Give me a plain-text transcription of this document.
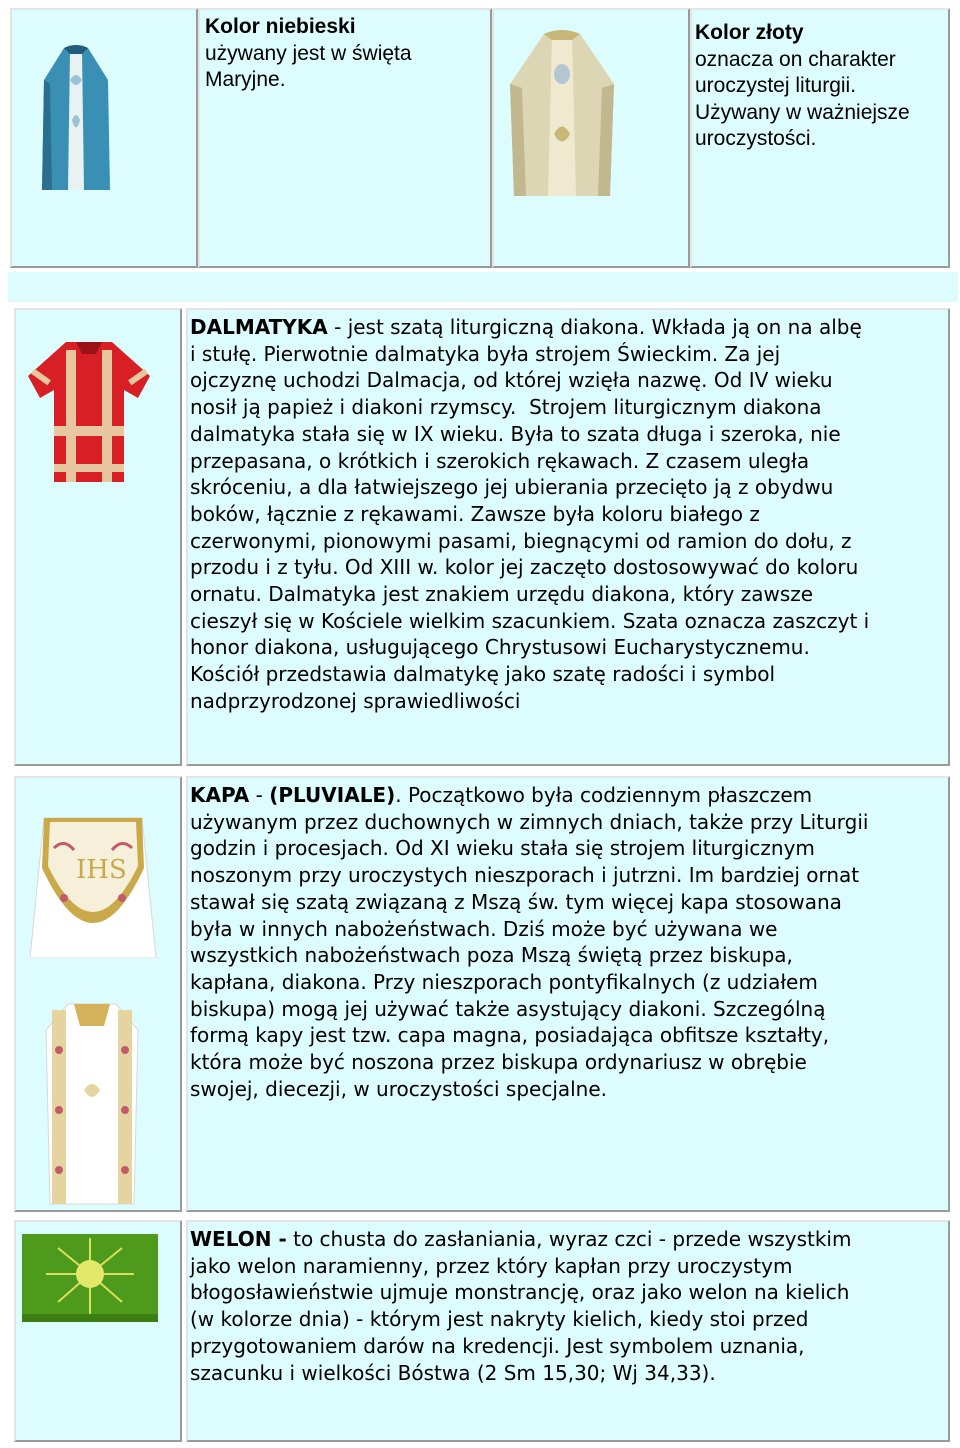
Kolor niebieski
używany jest w święta
Maryjne.
Kolor złoty
oznacza on charakter
uroczystej liturgii.
Używany w ważniejsze
uroczystości.
DALMATYKA - jest szatą liturgiczną diakona. Wkłada ją on na albę
i stułę. Pierwotnie dalmatyka była strojem Świeckim. Za jej
ojczyznę uchodzi Dalmacja, od której wzięła nazwę. Od IV wieku
nosił ją papież i diakoni rzymscy.  Strojem liturgicznym diakona
dalmatyka stała się w IX wieku. Była to szata długa i szeroka, nie
przepasana, o krótkich i szerokich rękawach. Z czasem uległa
skróceniu, a dla łatwiejszego jej ubierania przecięto ją z obydwu
boków, łącznie z rękawami. Zawsze była koloru białego z
czerwonymi, pionowymi pasami, biegnącymi od ramion do dołu, z
przodu i z tyłu. Od XIII w. kolor jej zaczęto dostosowywać do koloru
ornatu. Dalmatyka jest znakiem urzędu diakona, który zawsze
cieszył się w Kościele wielkim szacunkiem. Szata oznacza zaszczyt i
honor diakona, usługującego Chrystusowi Eucharystycznemu.
Kościół przedstawia dalmatykę jako szatę radości i symbol
nadprzyrodzonej sprawiedliwości
IHS
KAPA - (PLUVIALE). Początkowo była codziennym płaszczem
używanym przez duchownych w zimnych dniach, także przy Liturgii
godzin i procesjach. Od XI wieku stała się strojem liturgicznym
noszonym przy uroczystych nieszporach i jutrzni. Im bardziej ornat
stawał się szatą związaną z Mszą św. tym więcej kapa stosowana
była w innych nabożeństwach. Dziś może być używana we
wszystkich nabożeństwach poza Mszą świętą przez biskupa,
kapłana, diakona. Przy nieszporach pontyfikalnych (z udziałem
biskupa) mogą jej używać także asystujący diakoni. Szczególną
formą kapy jest tzw. capa magna, posiadająca obfitsze kształty,
która może być noszona przez biskupa ordynariusz w obrębie
swojej, diecezji, w uroczystości specjalne.
WELON - to chusta do zasłaniania, wyraz czci - przede wszystkim
jako welon naramienny, przez który kapłan przy uroczystym
błogosławieństwie ujmuje monstrancję, oraz jako welon na kielich
(w kolorze dnia) - którym jest nakryty kielich, kiedy stoi przed
przygotowaniem darów na kredencji. Jest symbolem uznania,
szacunku i wielkości Bóstwa (2 Sm 15,30; Wj 34,33).
